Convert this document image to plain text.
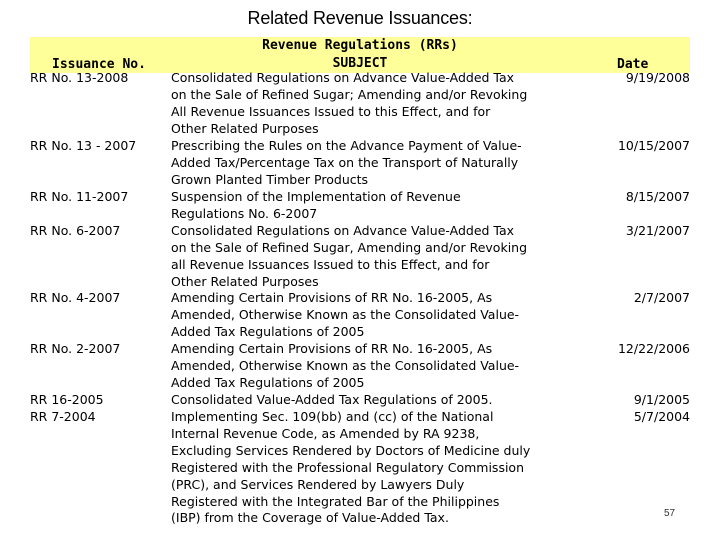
Related Revenue Issuances:
Issuance No.
Revenue Regulations (RRs)
SUBJECT	Date
RR No. 13-2008	Consolidated Regulations on Advance Value-Added Tax
on the Sale of Refined Sugar; Amending and/or Revoking
All Revenue Issuances Issued to this Effect, and for
Other Related Purposes
9/19/2008
RR No. 13 - 2007	Prescribing the Rules on the Advance Payment of Value-
Added Tax/Percentage Tax on the Transport of Naturally
Grown Planted Timber Products
10/15/2007
RR No. 11-2007	Suspension of the Implementation of Revenue
Regulations No. 6-2007
8/15/2007
RR No. 6-2007	Consolidated Regulations on Advance Value-Added Tax
on the Sale of Refined Sugar, Amending and/or Revoking
all Revenue Issuances Issued to this Effect, and for
Other Related Purposes
3/21/2007
RR No. 4-2007	Amending Certain Provisions of RR No. 16-2005, As
Amended, Otherwise Known as the Consolidated Value-
Added Tax Regulations of 2005
2/7/2007
RR No. 2-2007	Amending Certain Provisions of RR No. 16-2005, As
Amended, Otherwise Known as the Consolidated Value-
Added Tax Regulations of 2005
12/22/2006
RR 16-2005	Consolidated Value-Added Tax Regulations of 2005.	9/1/2005
RR 7-2004	Implementing Sec. 109(bb) and (cc) of the National
Internal Revenue Code, as Amended by RA 9238,
Excluding Services Rendered by Doctors of Medicine duly
Registered with the Professional Regulatory Commission
(PRC), and Services Rendered by Lawyers Duly
Registered with the Integrated Bar of the Philippines
(IBP) from the Coverage of Value-Added Tax.
5/7/2004
57
